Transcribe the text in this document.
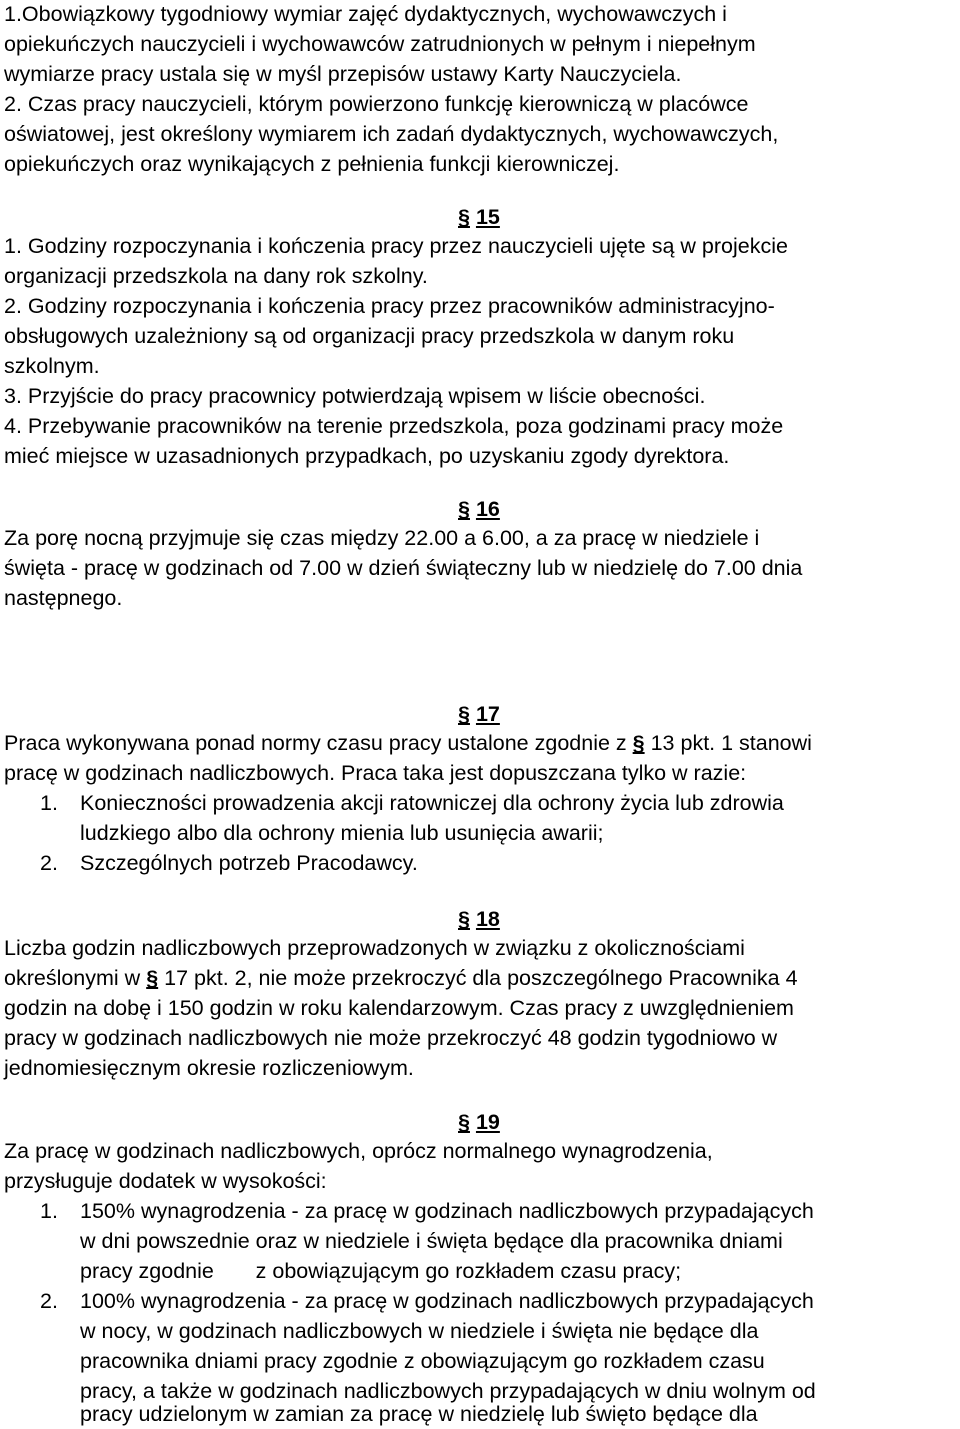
1.Obowiązkowy tygodniowy wymiar zajęć dydaktycznych, wychowawczych i
opiekuńczych nauczycieli i wychowawców zatrudnionych w pełnym i niepełnym
wymiarze pracy ustala się w myśl przepisów ustawy Karty Nauczyciela.
2. Czas pracy nauczycieli, którym powierzono funkcję kierowniczą w placówce
oświatowej, jest określony wymiarem ich zadań dydaktycznych, wychowawczych,
opiekuńczych oraz wynikających z pełnienia funkcji kierowniczej.
§ 15
1. Godziny rozpoczynania i kończenia pracy przez nauczycieli ujęte są w projekcie
organizacji przedszkola na dany rok szkolny.
2. Godziny rozpoczynania i kończenia pracy przez pracowników administracyjno-
obsługowych uzależniony są od organizacji pracy przedszkola w danym roku
szkolnym.
3. Przyjście do pracy pracownicy potwierdzają wpisem w liście obecności.
4. Przebywanie pracowników na terenie przedszkola, poza godzinami pracy może
mieć miejsce w uzasadnionych przypadkach, po uzyskaniu zgody dyrektora.
§ 16
Za porę nocną przyjmuje się czas między 22.00 a 6.00, a za pracę w niedziele i
święta - pracę w godzinach od 7.00 w dzień świąteczny lub w niedzielę do 7.00 dnia
następnego.
§ 17
Praca wykonywana ponad normy czasu pracy ustalone zgodnie z § 13 pkt. 1 stanowi
pracę w godzinach nadliczbowych. Praca taka jest dopuszczana tylko w razie:
1. Konieczności prowadzenia akcji ratowniczej dla ochrony życia lub zdrowia
ludzkiego albo dla ochrony mienia lub usunięcia awarii;
2. Szczególnych potrzeb Pracodawcy.
§ 18
Liczba godzin nadliczbowych przeprowadzonych w związku z okolicznościami
określonymi w § 17 pkt. 2, nie może przekroczyć dla poszczególnego Pracownika 4
godzin na dobę i 150 godzin w roku kalendarzowym. Czas pracy z uwzględnieniem
pracy w godzinach nadliczbowych nie może przekroczyć 48 godzin tygodniowo w
jednomiesięcznym okresie rozliczeniowym.
§ 19
Za pracę w godzinach nadliczbowych, oprócz normalnego wynagrodzenia,
przysługuje dodatek w wysokości:
1. 150% wynagrodzenia - za pracę w godzinach nadliczbowych przypadających
w dni powszednie oraz w niedziele i święta będące dla pracownika dniami
pracy zgodnie       z obowiązującym go rozkładem czasu pracy;
2. 100% wynagrodzenia - za pracę w godzinach nadliczbowych przypadających
w nocy, w godzinach nadliczbowych w niedziele i święta nie będące dla
pracownika dniami pracy zgodnie z obowiązującym go rozkładem czasu
pracy, a także w godzinach nadliczbowych przypadających w dniu wolnym od
pracy udzielonym w zamian za pracę w niedzielę lub święto będące dla
